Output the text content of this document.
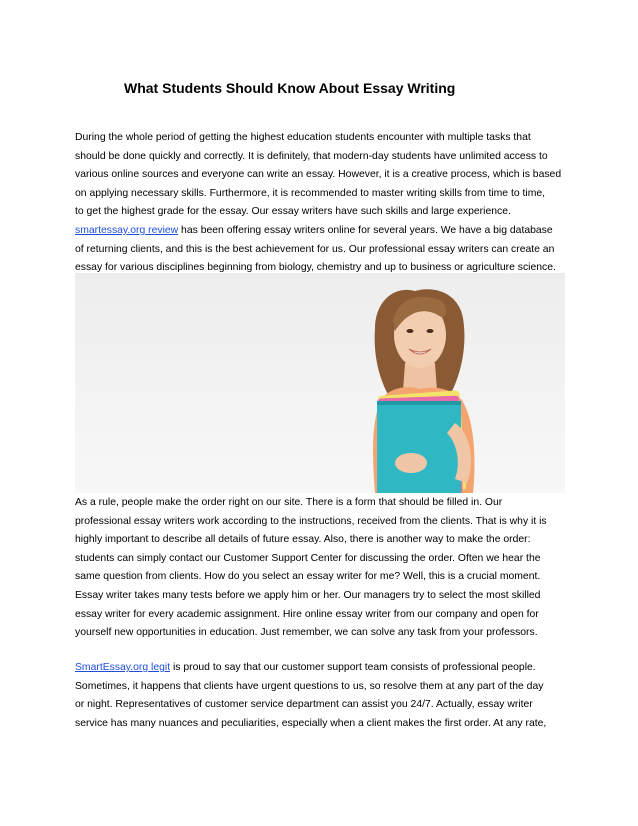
What Students Should Know About Essay Writing
During the whole period of getting the highest education students encounter with multiple tasks that
should be done quickly and correctly. It is definitely, that modern-day students have unlimited access to
various online sources and everyone can write an essay. However, it is a creative process, which is based
on applying necessary skills. Furthermore, it is recommended to master writing skills from time to time,
to get the highest grade for the essay. Our essay writers have such skills and large experience.
smartessay.org review has been offering essay writers online for several years. We have a big database
of returning clients, and this is the best achievement for us. Our professional essay writers can create an
essay for various disciplines beginning from biology, chemistry and up to business or agriculture science.
As a rule, people make the order right on our site. There is a form that should be filled in. Our
professional essay writers work according to the instructions, received from the clients. That is why it is
highly important to describe all details of future essay. Also, there is another way to make the order:
students can simply contact our Customer Support Center for discussing the order. Often we hear the
same question from clients. How do you select an essay writer for me? Well, this is a crucial moment.
Essay writer takes many tests before we apply him or her. Our managers try to select the most skilled
essay writer for every academic assignment. Hire online essay writer from our company and open for
yourself new opportunities in education. Just remember, we can solve any task from your professors.
SmartEssay.org legit is proud to say that our customer support team consists of professional people.
Sometimes, it happens that clients have urgent questions to us, so resolve them at any part of the day
or night. Representatives of customer service department can assist you 24/7. Actually, essay writer
service has many nuances and peculiarities, especially when a client makes the first order. At any rate,
